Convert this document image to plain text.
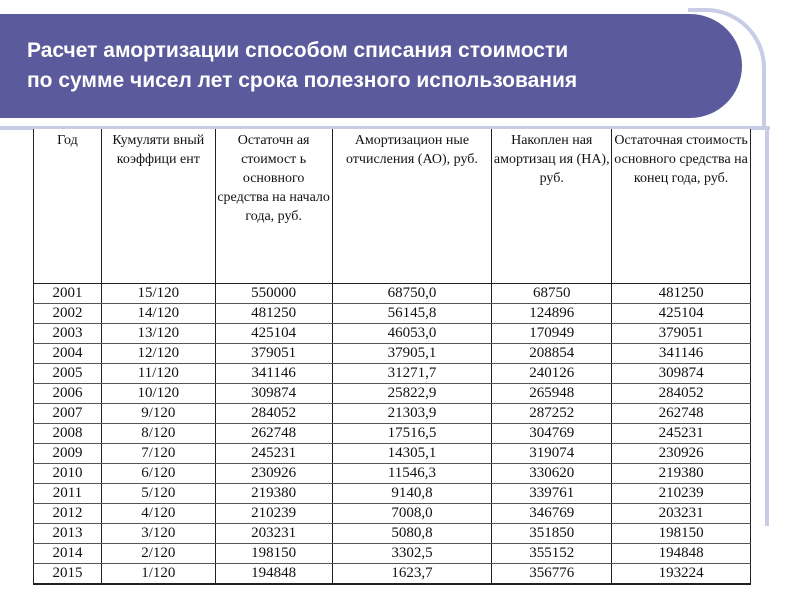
Расчет амортизации способом списания стоимости
по сумме чисел лет срока полезного использования
Год	Кумуляти вный коэффици ент	Остаточн ая стоимост ь основного средства на начало года, руб.	Амортизацион ные отчисления (АО), руб.	Накоплен ная амортизац ия (НА), руб.	Остаточная стоимость основного средства на конец года, руб.
2001	15/120	550000	68750,0	68750	481250
2002	14/120	481250	56145,8	124896	425104
2003	13/120	425104	46053,0	170949	379051
2004	12/120	379051	37905,1	208854	341146
2005	11/120	341146	31271,7	240126	309874
2006	10/120	309874	25822,9	265948	284052
2007	9/120	284052	21303,9	287252	262748
2008	8/120	262748	17516,5	304769	245231
2009	7/120	245231	14305,1	319074	230926
2010	6/120	230926	11546,3	330620	219380
2011	5/120	219380	9140,8	339761	210239
2012	4/120	210239	7008,0	346769	203231
2013	3/120	203231	5080,8	351850	198150
2014	2/120	198150	3302,5	355152	194848
2015	1/120	194848	1623,7	356776	193224
